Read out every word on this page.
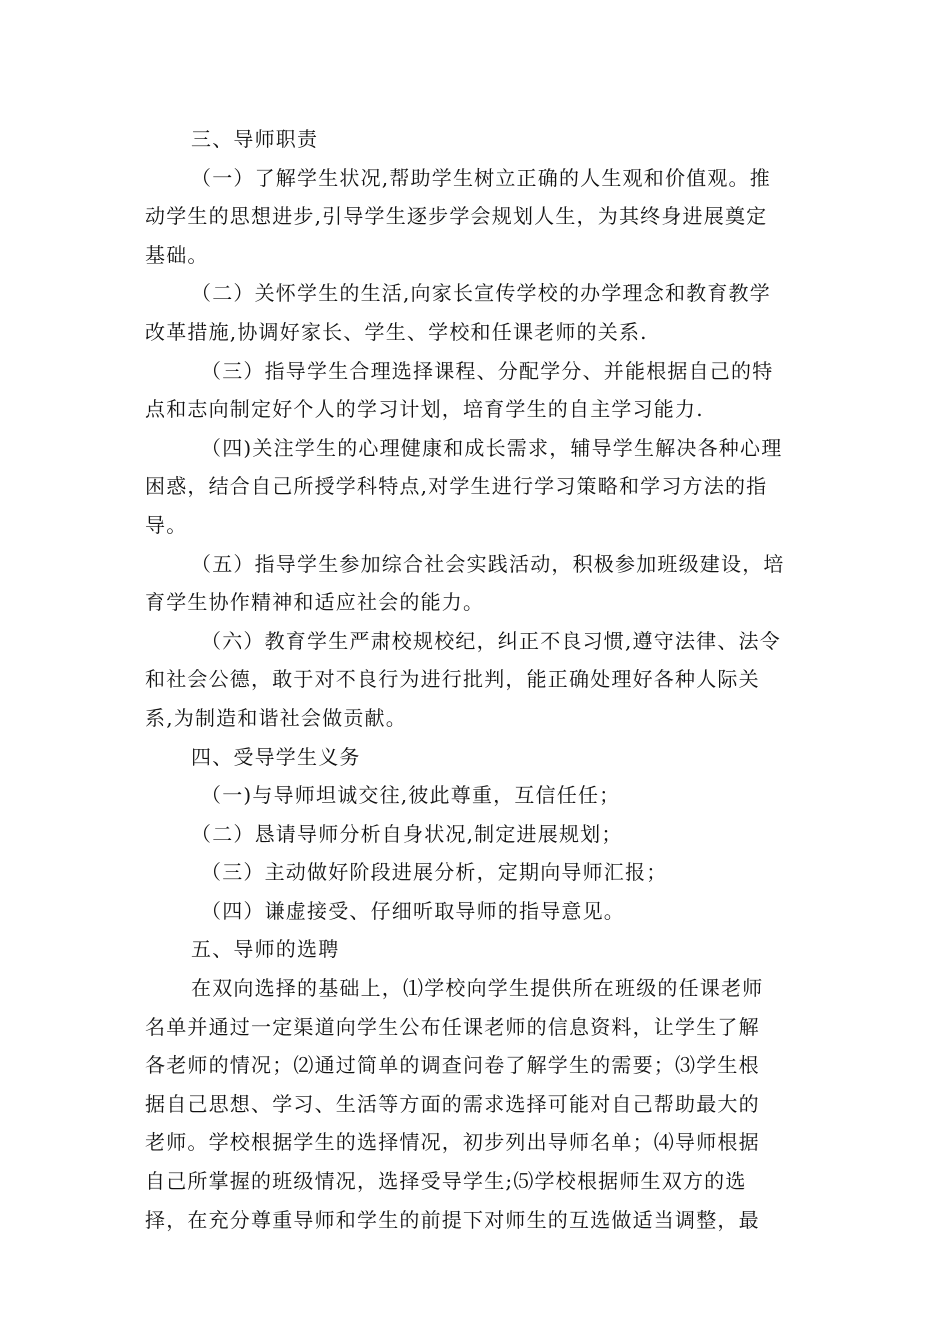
三、导师职责
（一）了解学生状况,帮助学生树立正确的人生观和价值观。推
动学生的思想进步,引导学生逐步学会规划人生，为其终身进展奠定
基础。
（二）关怀学生的生活,向家长宣传学校的办学理念和教育教学
改革措施,协调好家长、学生、学校和任课老师的关系.
（三）指导学生合理选择课程、分配学分、并能根据自己的特
点和志向制定好个人的学习计划，培育学生的自主学习能力.
（四)关注学生的心理健康和成长需求，辅导学生解决各种心理
困惑，结合自己所授学科特点,对学生进行学习策略和学习方法的指
导。
（五）指导学生参加综合社会实践活动，积极参加班级建设，培
育学生协作精神和适应社会的能力。
（六）教育学生严肃校规校纪，纠正不良习惯,遵守法律、法令
和社会公德，敢于对不良行为进行批判，能正确处理好各种人际关
系,为制造和谐社会做贡献。
四、受导学生义务
（一)与导师坦诚交往,彼此尊重，互信任任；
（二）恳请导师分析自身状况,制定进展规划；
（三）主动做好阶段进展分析，定期向导师汇报；
（四）谦虚接受、仔细听取导师的指导意见。
五、导师的选聘
在双向选择的基础上，⑴学校向学生提供所在班级的任课老师
名单并通过一定渠道向学生公布任课老师的信息资料，让学生了解
各老师的情况；⑵通过简单的调查问卷了解学生的需要；⑶学生根
据自己思想、学习、生活等方面的需求选择可能对自己帮助最大的
老师。学校根据学生的选择情况，初步列出导师名单；⑷导师根据
自己所掌握的班级情况，选择受导学生;⑸学校根据师生双方的选
择，在充分尊重导师和学生的前提下对师生的互选做适当调整，最
